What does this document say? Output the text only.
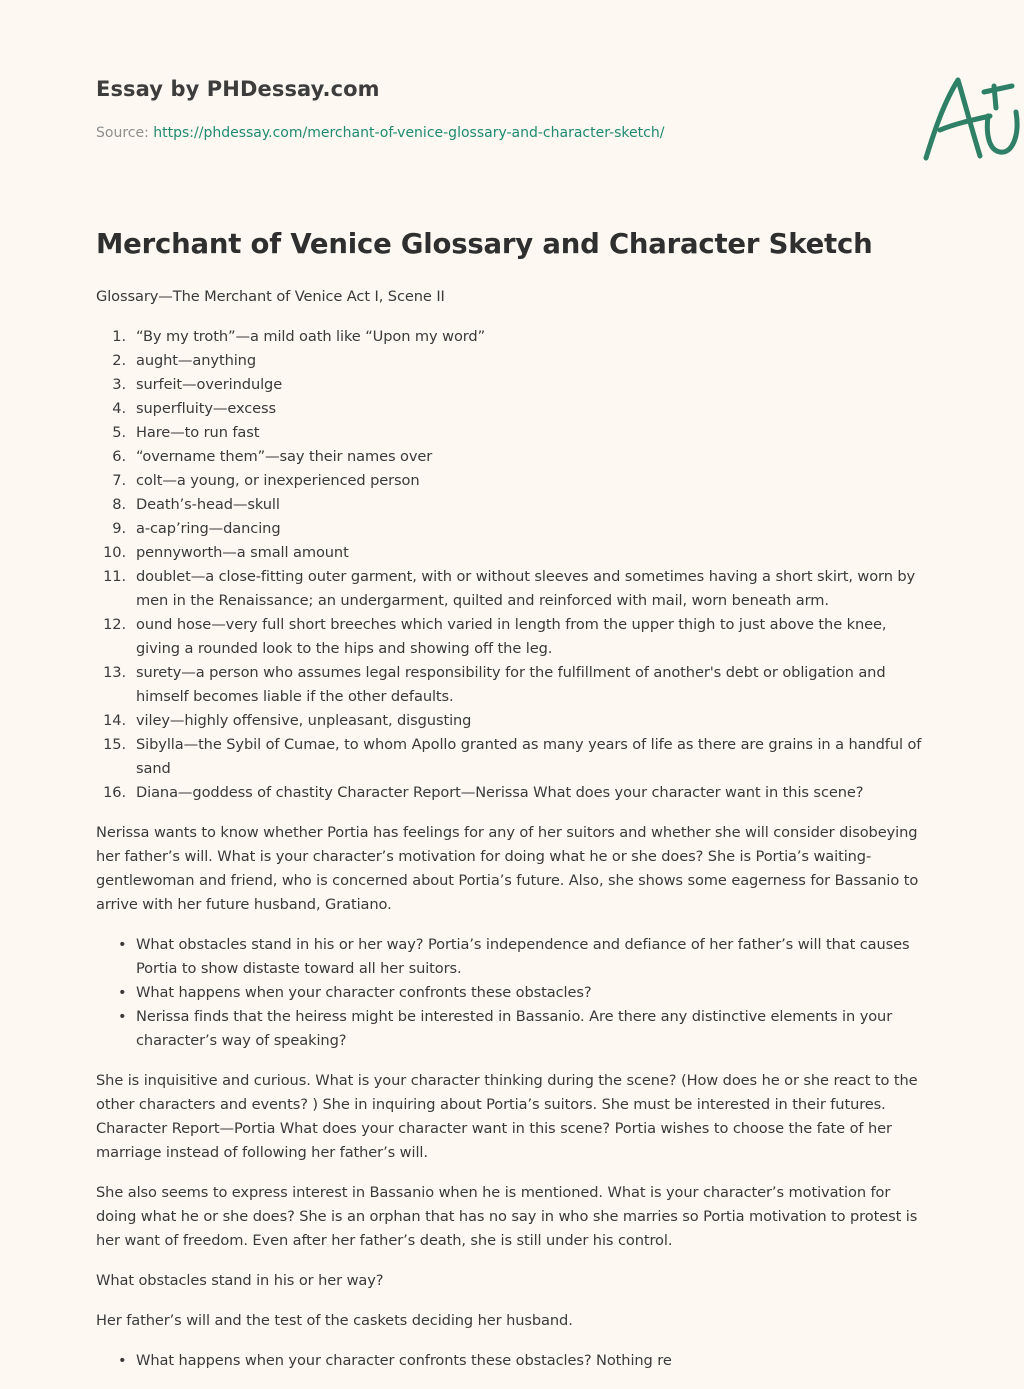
Essay by PHDessay.com
Source: https://phdessay.com/merchant-of-venice-glossary-and-character-sketch/
Merchant of Venice Glossary and Character Sketch

Glossary—The Merchant of Venice Act I, Scene II

1. “By my troth”—a mild oath like “Upon my word”
2. aught—anything
3. surfeit—overindulge
4. superfluity—excess
5. Hare—to run fast
6. “overname them”—say their names over
7. colt—a young, or inexperienced person
8. Death’s-head—skull
9. a-cap’ring—dancing
10. pennyworth—a small amount
11. doublet—a close-fitting outer garment, with or without sleeves and sometimes having a short skirt, worn by men in the Renaissance; an undergarment, quilted and reinforced with mail, worn beneath arm.
12. ound hose—very full short breeches which varied in length from the upper thigh to just above the knee, giving a rounded look to the hips and showing off the leg.
13. surety—a person who assumes legal responsibility for the fulfillment of another's debt or obligation and himself becomes liable if the other defaults.
14. viley—highly offensive, unpleasant, disgusting
15. Sibylla—the Sybil of Cumae, to whom Apollo granted as many years of life as there are grains in a handful of sand
16. Diana—goddess of chastity Character Report—Nerissa What does your character want in this scene?

Nerissa wants to know whether Portia has feelings for any of her suitors and whether she will consider disobeying her father’s will. What is your character’s motivation for doing what he or she does? She is Portia’s waiting-gentlewoman and friend, who is concerned about Portia’s future. Also, she shows some eagerness for Bassanio to arrive with her future husband, Gratiano.

• What obstacles stand in his or her way? Portia’s independence and defiance of her father’s will that causes Portia to show distaste toward all her suitors.
• What happens when your character confronts these obstacles?
• Nerissa finds that the heiress might be interested in Bassanio. Are there any distinctive elements in your character’s way of speaking?

She is inquisitive and curious. What is your character thinking during the scene? (How does he or she react to the other characters and events? ) She in inquiring about Portia’s suitors. She must be interested in their futures. Character Report—Portia What does your character want in this scene? Portia wishes to choose the fate of her marriage instead of following her father’s will.

She also seems to express interest in Bassanio when he is mentioned. What is your character’s motivation for doing what he or she does? She is an orphan that has no say in who she marries so Portia motivation to protest is her want of freedom. Even after her father’s death, she is still under his control.

What obstacles stand in his or her way?

Her father’s will and the test of the caskets deciding her husband.

• What happens when your character confronts these obstacles? Nothing re
